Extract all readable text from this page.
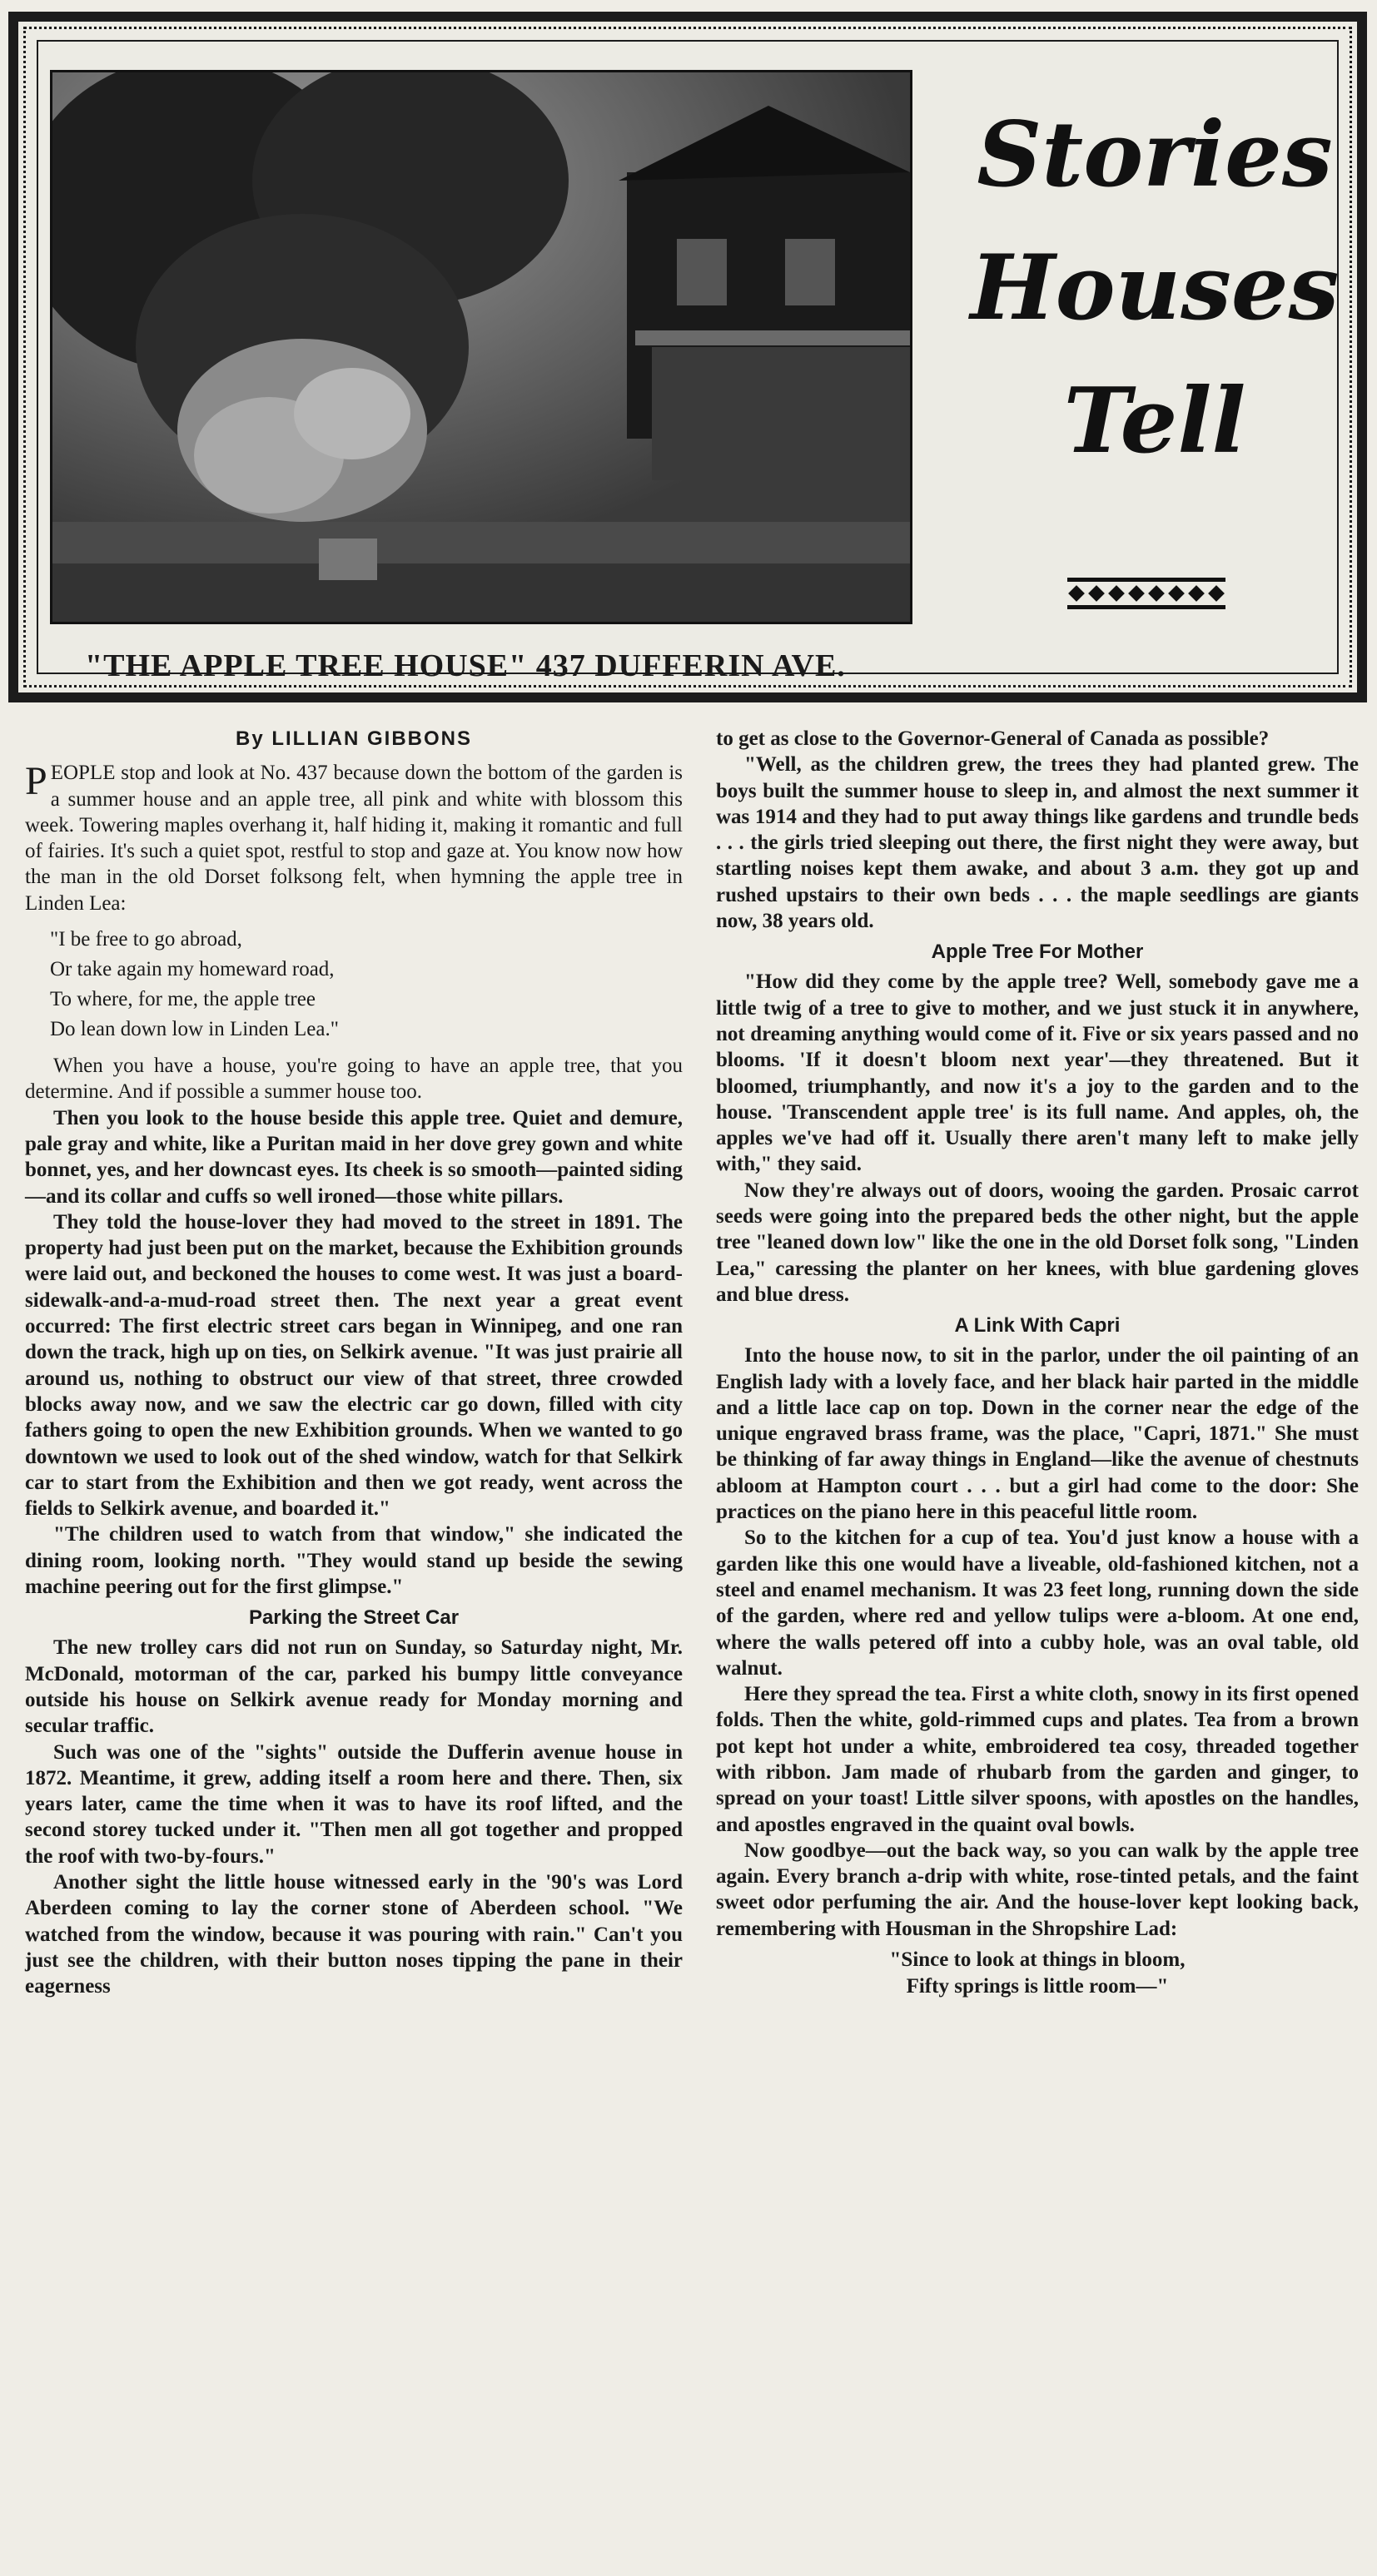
"THE APPLE TREE HOUSE" 437 DUFFERIN AVE.
Stories
Houses
Tell
By LILLIAN GIBBONS

PEOPLE stop and look at No. 437 because down the bottom of the garden is a summer house and an apple tree, all pink and white with blossom this week. Towering maples overhang it, half hiding it, making it romantic and full of fairies. It's such a quiet spot, restful to stop and gaze at. You know now how the man in the old Dorset folksong felt, when hymning the apple tree in Linden Lea:

"I be free to go abroad,
Or take again my homeward road,
To where, for me, the apple tree
Do lean down low in Linden Lea."

When you have a house, you're going to have an apple tree, that you determine. And if possible a summer house too.

Then you look to the house beside this apple tree. Quiet and demure, pale gray and white, like a Puritan maid in her dove grey gown and white bonnet, yes, and her downcast eyes. Its cheek is so smooth—painted siding—and its collar and cuffs so well ironed—those white pillars.

They told the house-lover they had moved to the street in 1891. The property had just been put on the market, because the Exhibition grounds were laid out, and beckoned the houses to come west. It was just a board-sidewalk-and-a-mud-road street then. The next year a great event occurred: The first electric street cars began in Winnipeg, and one ran down the track, high up on ties, on Selkirk avenue. "It was just prairie all around us, nothing to obstruct our view of that street, three crowded blocks away now, and we saw the electric car go down, filled with city fathers going to open the new Exhibition grounds. When we wanted to go downtown we used to look out of the shed window, watch for that Selkirk car to start from the Exhibition and then we got ready, went across the fields to Selkirk avenue, and boarded it."

"The children used to watch from that window," she indicated the dining room, looking north. "They would stand up beside the sewing machine peering out for the first glimpse."

Parking the Street Car

The new trolley cars did not run on Sunday, so Saturday night, Mr. McDonald, motorman of the car, parked his bumpy little conveyance outside his house on Selkirk avenue ready for Monday morning and secular traffic.

Such was one of the "sights" outside the Dufferin avenue house in 1872. Meantime, it grew, adding itself a room here and there. Then, six years later, came the time when it was to have its roof lifted, and the second storey tucked under it. "Then men all got together and propped the roof with two-by-fours."

Another sight the little house witnessed early in the '90's was Lord Aberdeen coming to lay the corner stone of Aberdeen school. "We watched from the window, because it was pouring with rain." Can't you just see the children, with their button noses tipping the pane in their eagerness

to get as close to the Governor-General of Canada as possible?

"Well, as the children grew, the trees they had planted grew. The boys built the summer house to sleep in, and almost the next summer it was 1914 and they had to put away things like gardens and trundle beds . . . the girls tried sleeping out there, the first night they were away, but startling noises kept them awake, and about 3 a.m. they got up and rushed upstairs to their own beds . . . the maple seedlings are giants now, 38 years old.

Apple Tree For Mother

"How did they come by the apple tree? Well, somebody gave me a little twig of a tree to give to mother, and we just stuck it in anywhere, not dreaming anything would come of it. Five or six years passed and no blooms. 'If it doesn't bloom next year'—they threatened. But it bloomed, triumphantly, and now it's a joy to the garden and to the house. 'Transcendent apple tree' is its full name. And apples, oh, the apples we've had off it. Usually there aren't many left to make jelly with," they said.

Now they're always out of doors, wooing the garden. Prosaic carrot seeds were going into the prepared beds the other night, but the apple tree "leaned down low" like the one in the old Dorset folk song, "Linden Lea," caressing the planter on her knees, with blue gardening gloves and blue dress.

A Link With Capri

Into the house now, to sit in the parlor, under the oil painting of an English lady with a lovely face, and her black hair parted in the middle and a little lace cap on top. Down in the corner near the edge of the unique engraved brass frame, was the place, "Capri, 1871." She must be thinking of far away things in England—like the avenue of chestnuts abloom at Hampton court . . . but a girl had come to the door: She practices on the piano here in this peaceful little room.

So to the kitchen for a cup of tea. You'd just know a house with a garden like this one would have a liveable, old-fashioned kitchen, not a steel and enamel mechanism. It was 23 feet long, running down the side of the garden, where red and yellow tulips were a-bloom. At one end, where the walls petered off into a cubby hole, was an oval table, old walnut.

Here they spread the tea. First a white cloth, snowy in its first opened folds. Then the white, gold-rimmed cups and plates. Tea from a brown pot kept hot under a white, embroidered tea cosy, threaded together with ribbon. Jam made of rhubarb from the garden and ginger, to spread on your toast! Little silver spoons, with apostles on the handles, and apostles engraved in the quaint oval bowls.

Now goodbye—out the back way, so you can walk by the apple tree again. Every branch a-drip with white, rose-tinted petals, and the faint sweet odor perfuming the air. And the house-lover kept looking back, remembering with Housman in the Shropshire Lad:

"Since to look at things in bloom,
Fifty springs is little room—"
